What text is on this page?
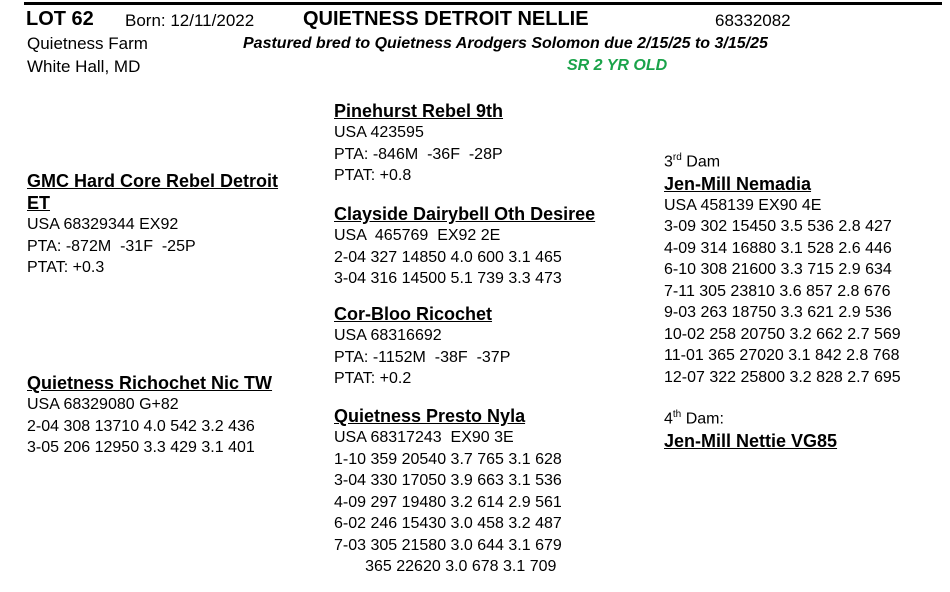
LOT 62 Born: 12/11/2022 QUIETNESS DETROIT NELLIE	68332082
Quietness Farm	Pastured bred to Quietness Arodgers Solomon due 2/15/25 to 3/15/25
White Hall, MD	SR 2 YR OLD
GMC Hard Core Rebel Detroit
ET
USA 68329344 EX92
PTA: -872M  -31F  -25P
PTAT: +0.3
Quietness Richochet Nic TW
USA 68329080 G+82
2-04 308 13710 4.0 542 3.2 436
3-05 206 12950 3.3 429 3.1 401
Pinehurst Rebel 9th
USA 423595
PTA: -846M  -36F  -28P
PTAT: +0.8
Clayside Dairybell Oth Desiree
USA  465769  EX92 2E
2-04 327 14850 4.0 600 3.1 465
3-04 316 14500 5.1 739 3.3 473
Cor-Bloo Ricochet
USA 68316692
PTA: -1152M  -38F  -37P
PTAT: +0.2
Quietness Presto Nyla
USA 68317243  EX90 3E
1-10 359 20540 3.7 765 3.1 628
3-04 330 17050 3.9 663 3.1 536
4-09 297 19480 3.2 614 2.9 561
6-02 246 15430 3.0 458 3.2 487
7-03 305 21580 3.0 644 3.1 679
365 22620 3.0 678 3.1 709
3rd Dam
Jen-Mill Nemadia
USA 458139 EX90 4E
3-09 302 15450 3.5 536 2.8 427
4-09 314 16880 3.1 528 2.6 446
6-10 308 21600 3.3 715 2.9 634
7-11 305 23810 3.6 857 2.8 676
9-03 263 18750 3.3 621 2.9 536
10-02 258 20750 3.2 662 2.7 569
11-01 365 27020 3.1 842 2.8 768
12-07 322 25800 3.2 828 2.7 695
4th Dam:
Jen-Mill Nettie VG85
